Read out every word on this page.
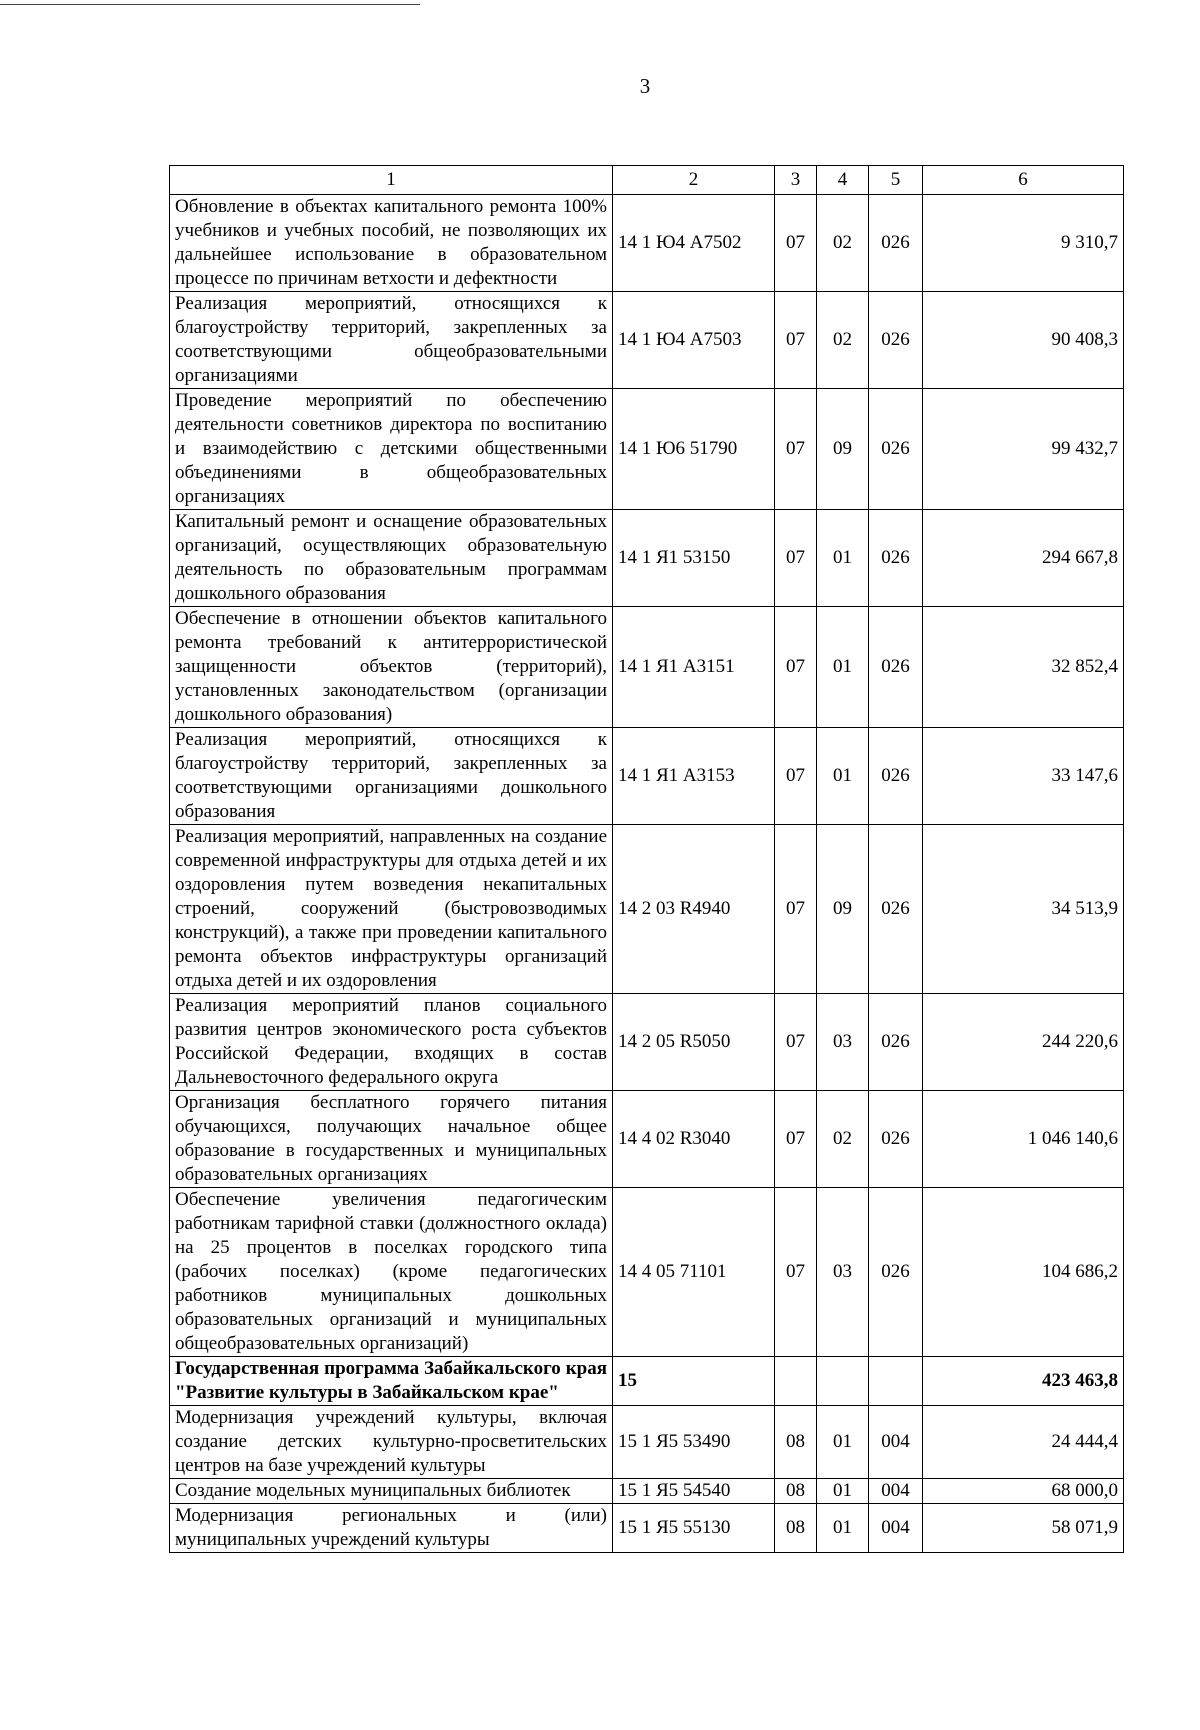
3
1	2	3	4	5	6
Обновление в объектах капитального ремонта 100% учебников и учебных пособий, не позволяющих их дальнейшее использование в образовательном процессе по причинам ветхости и дефектности	14 1 Ю4 A7502	07	02	026	9 310,7
Реализация мероприятий, относящихся к благоустройству территорий, закрепленных за соответствующими общеобразовательными организациями	14 1 Ю4 A7503	07	02	026	90 408,3
Проведение мероприятий по обеспечению деятельности советников директора по воспитанию и взаимодействию с детскими общественными объединениями в общеобразовательных организациях	14 1 Ю6 51790	07	09	026	99 432,7
Капитальный ремонт и оснащение образовательных организаций, осуществляющих образовательную деятельность по образовательным программам дошкольного образования	14 1 Я1 53150	07	01	026	294 667,8
Обеспечение в отношении объектов капитального ремонта требований к антитеррористической защищенности объектов (территорий), установленных законодательством (организации дошкольного образования)	14 1 Я1 A3151	07	01	026	32 852,4
Реализация мероприятий, относящихся к благоустройству территорий, закрепленных за соответствующими организациями дошкольного образования	14 1 Я1 A3153	07	01	026	33 147,6
Реализация мероприятий, направленных на создание современной инфраструктуры для отдыха детей и их оздоровления путем возведения некапитальных строений, сооружений (быстровозводимых конструкций), а также при проведении капитального ремонта объектов инфраструктуры организаций отдыха детей и их оздоровления	14 2 03 R4940	07	09	026	34 513,9
Реализация мероприятий планов социального развития центров экономического роста субъектов Российской Федерации, входящих в состав Дальневосточного федерального округа	14 2 05 R5050	07	03	026	244 220,6
Организация бесплатного горячего питания обучающихся, получающих начальное общее образование в государственных и муниципальных образовательных организациях	14 4 02 R3040	07	02	026	1 046 140,6
Обеспечение увеличения педагогическим работникам тарифной ставки (должностного оклада) на 25 процентов в поселках городского типа (рабочих поселках) (кроме педагогических работников муниципальных дошкольных образовательных организаций и муниципальных общеобразовательных организаций)	14 4 05 71101	07	03	026	104 686,2
Государственная программа Забайкальского края "Развитие культуры в Забайкальском крае"	15				423 463,8
Модернизация учреждений культуры, включая создание детских культурно-просветительских центров на базе учреждений культуры	15 1 Я5 53490	08	01	004	24 444,4
Создание модельных муниципальных библиотек	15 1 Я5 54540	08	01	004	68 000,0
Модернизация региональных и (или) муниципальных учреждений культуры	15 1 Я5 55130	08	01	004	58 071,9
